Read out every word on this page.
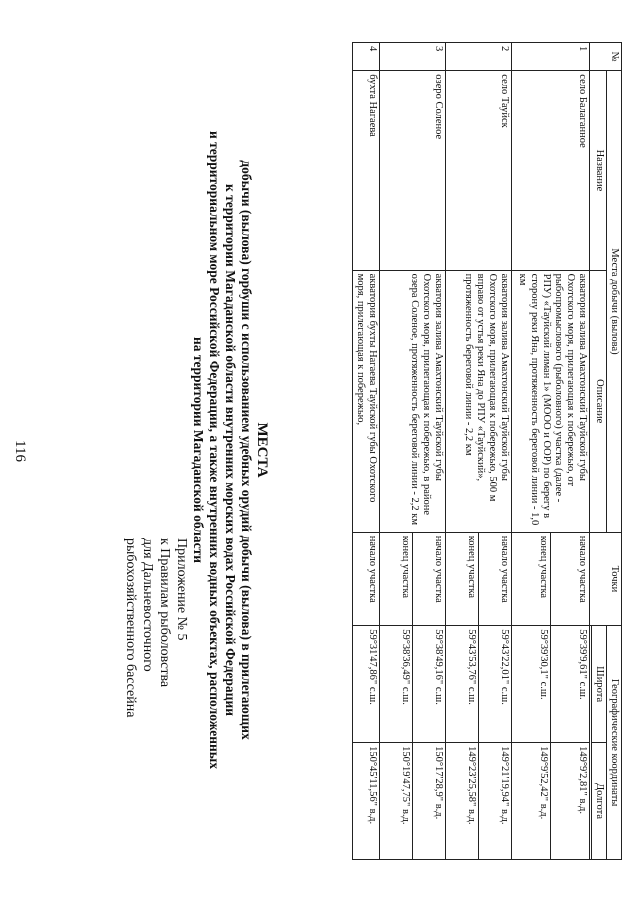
116
Приложение № 5
к Правилам рыболовства
для Дальневосточного
рыбохозяйственного бассейна
МЕСТА
добычи (вылова) горбуши с использованием удебных орудий добычи (вылова) в прилегающих
к территории Магаданской области внутренних морских водах Российской Федерации
и территориальном море Российской Федерации, а также внутренних водных объектах, расположенных
на территории Магаданской области
№	Места добычи (вылова)		Точки	Географические координаты	
	Название	Описание		Широта	Долгота

1	село Балаганное	акватория залива Амахтонский Тауйской губы Охотского моря, прилегающая к побережью, от рыбопромыслового (рыболовного) участка (далее - РПУ) «Тауйский лиман 1» (МООО и ООР) по берегу в сторону реки Яна, протяженность береговой линии - 1,0 км	начало участка	59°39'9,61" с.ш.	149°9'2,81" в.д.
			конец участка	59°39'30,1" с.ш.	149°9'52,42" в.д.
2	село Тауйск	акватория залива Амахтонский Тауйской губы Охотского моря, прилегающая к побережью, 500 м вправо от устья реки Яна до РПУ «Тауйский», протяженность береговой линии - 2,2 км	начало участка	59°43'22,01" с.ш.	149°21'19,94" в.д.
			конец участка	59°43'53,76" с.ш.	149°23'25,58" в.д.
3	озеро Соленое	акватория залива Амахтонский Тауйской губы Охотского моря, прилегающая к побережью, в районе озера Соленое, протяженность береговой линии - 2,2 км	начало участка	59°38'49,16" с.ш.	150°17'28,9" в.д.
			конец участка	59°38'36,49" с.ш.	150°19'47,75" в.д.
4	бухта Нагаева	акватория бухты Нагаева Тауйской губы Охотского моря, прилегающая к побережью,	начало участка	59°31'47,86" с.ш.	150°45'11,56" в.д.
